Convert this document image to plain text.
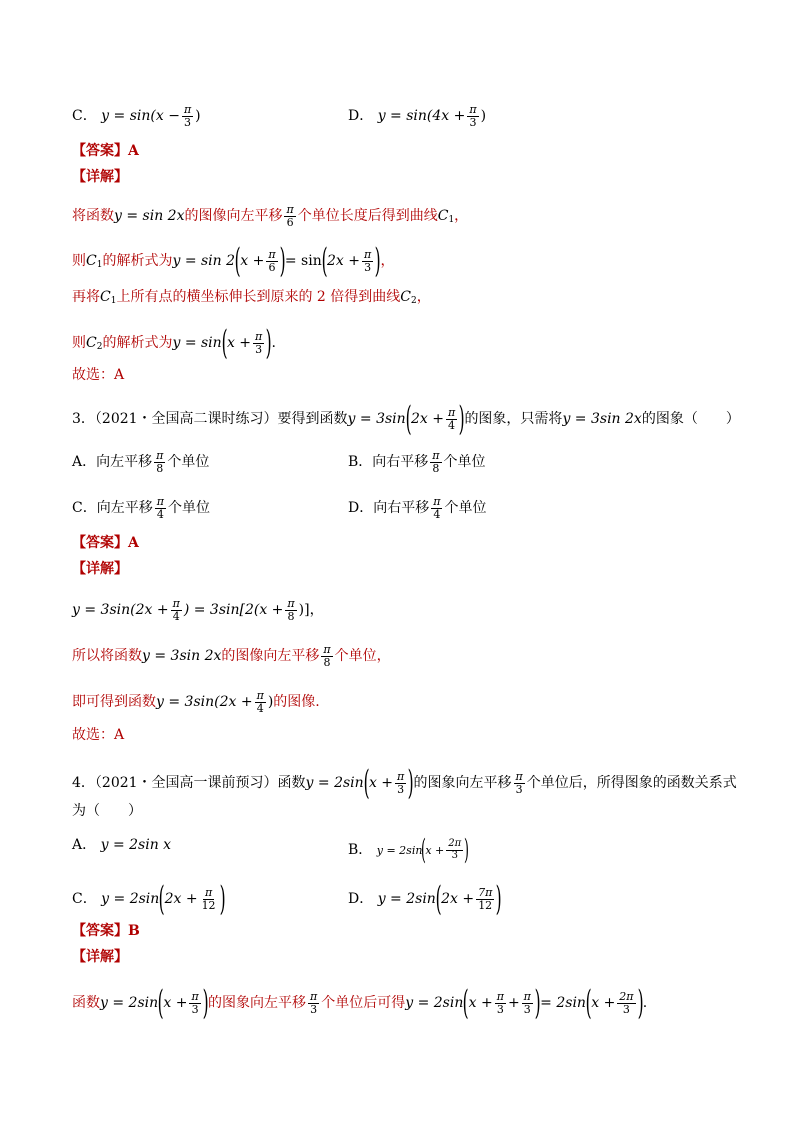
C．
$y = \sin(x - \frac{\pi}{3}$ )	D．
$y = \sin(4x + \frac{\pi}{3}$ )
【答案】A
【详解】
将函数 y = sin 2x 的图像向左平移 π
6 个单位长度后得到曲线 C 1 ，
则 C 1 的解析式为 y = sin 2 ( $x + \frac{\pi}{6}$ ) = sin ( $2x + \frac{\pi}{3}$ ) ，
再将 C 1 上所有点的横坐标伸长到原来的 2 倍得到曲线 C 2 ，
则 C 2 的解析式为 y = sin ( $x + \frac{\pi}{3}$ ) .
故选：A
3．（2021・全国高二课时练习）要得到函数 y = 3sin ( $2x + \frac{\pi}{4}$ ) 的图象，只需将 y = 3sin 2x 的图象（　　）
A．向左平移 π
8 个单位	B．向右平移 π
8 个单位
C．向左平移 π
4 个单位	D．向右平移 π
4 个单位
【答案】A
【详解】
$y = 3\sin(2x + \frac{\pi}{4}$ ) = $3\sin[2(x + \frac{\pi}{8}$ )]，
所以将函数 y = 3sin 2x 的图像向左平移 π
8 个单位，
即可得到函数 $y = 3\sin(2x + \frac{\pi}{4}$ ) 的图像.
故选：A
4．（2021・全国高一课前预习）函数 y = 2sin ( $x + \frac{\pi}{3}$ ) 的图象向左平移 π
3 个单位后，所得图象的函数关系式
为（　　）
A．
y = 2sin x	B．
y = 2sin ( $x + \frac{2\pi}{3}$ )
C．
y = 2sin ( $2x + \frac{\pi}{12}$ )	D．
y = 2sin ( $2x + \frac{7\pi}{12}$ )
【答案】B
【详解】
函数 y = 2sin ( $x + \frac{\pi}{3}$ ) 的图象向左平移 π
3 个单位后可得 y = 2sin ( $x + \frac{\pi}{3} + \frac{\pi}{3}$ ) = 2sin ( $x + \frac{2\pi}{3}$ ) .
